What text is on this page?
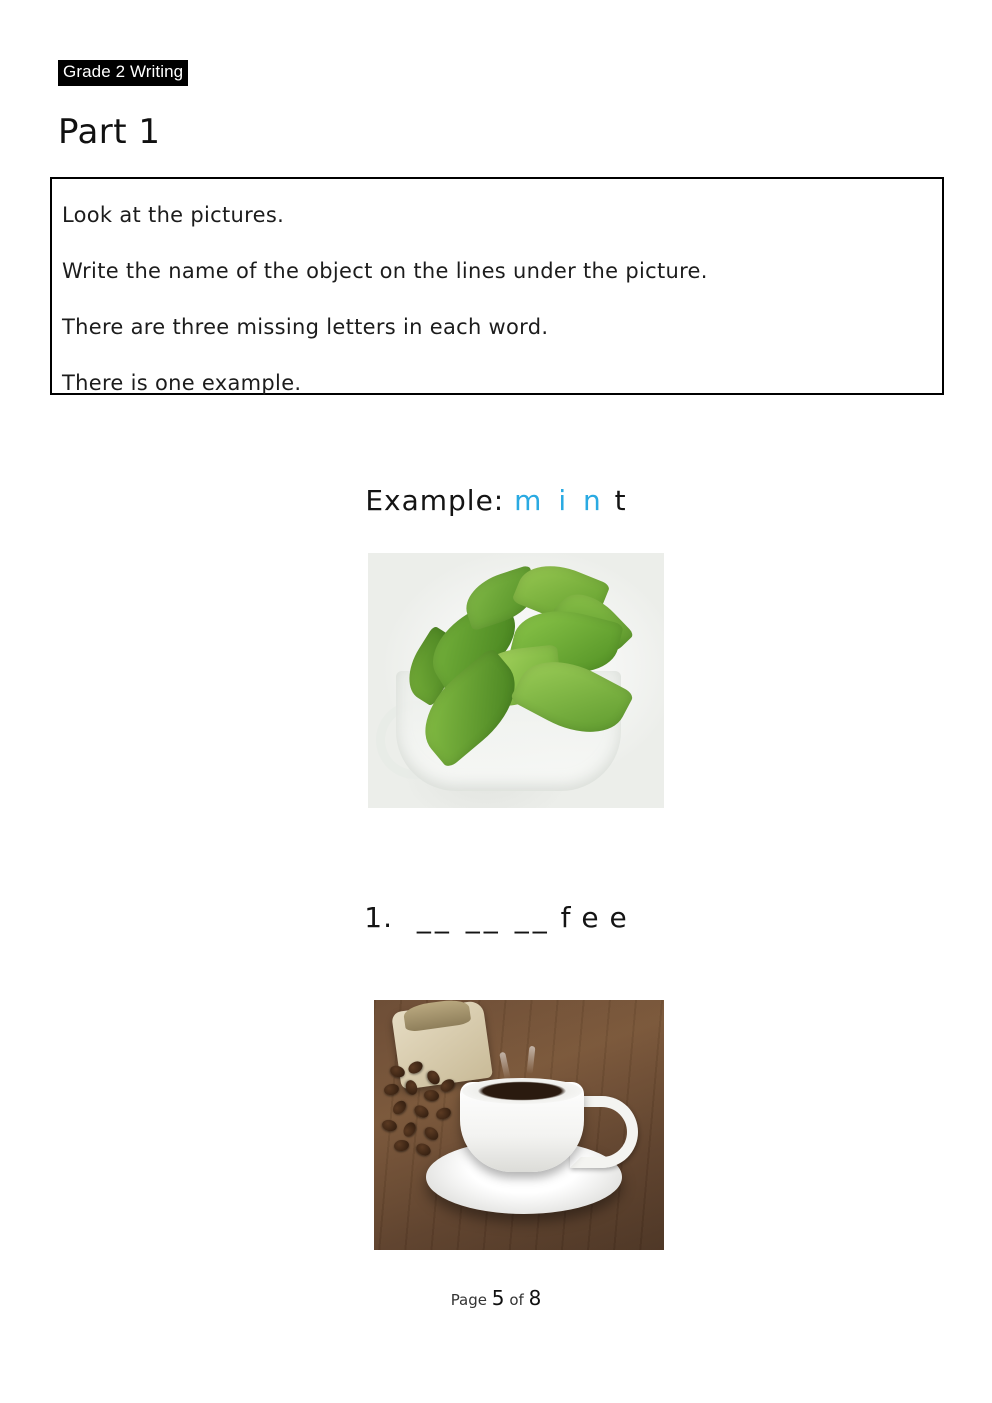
Grade 2 Writing
Part 1
Look at the pictures.
Write the name of the object on the lines under the picture.
There are three missing letters in each word.
There is one example.
Example: m i n t
1. __ __ __ f e e
Page 5 of 8
